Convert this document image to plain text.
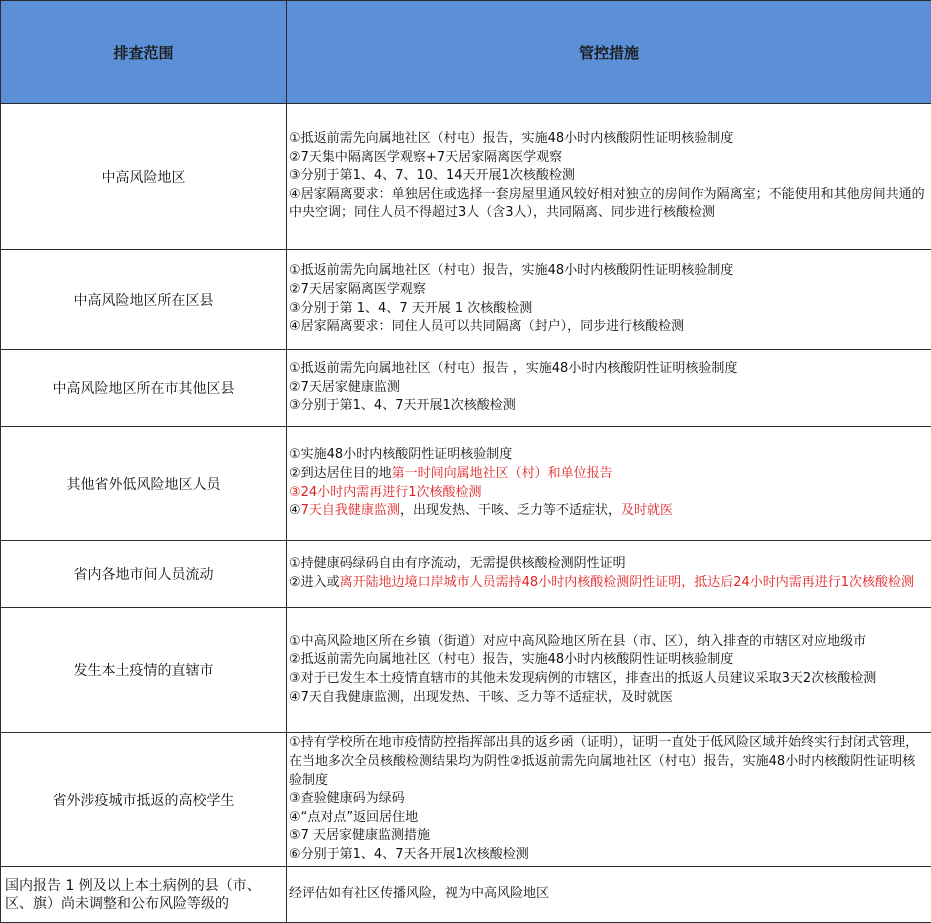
排查范围	管控措施
中高风险地区	①抵返前需先向属地社区（村屯）报告，实施48小时内核酸阴性证明核验制度
②7天集中隔离医学观察+7天居家隔离医学观察
③分别于第1、4、7、10、14天开展1次核酸检测
④居家隔离要求：单独居住或选择一套房屋里通风较好相对独立的房间作为隔离室；不能使用和其他房间共通的中央空调；同住人员不得超过3人（含3人），共同隔离、同步进行核酸检测

中高风险地区所在区县	①抵返前需先向属地社区（村屯）报告，实施48小时内核酸阴性证明核验制度
②7天居家隔离医学观察
③分别于第 1、4、7 天开展 1 次核酸检测
④居家隔离要求：同住人员可以共同隔离（封户），同步进行核酸检测

中高风险地区所在市其他区县	①抵返前需先向属地社区（村屯）报告 ，实施48小时内核酸阴性证明核验制度
②7天居家健康监测
③分别于第1、4、7天开展1次核酸检测

其他省外低风险地区人员	①实施48小时内核酸阴性证明核验制度
②到达居住目的地第一时间向属地社区（村）和单位报告
③24小时内需再进行1次核酸检测
④7天自我健康监测，出现发热、干咳、乏力等不适症状，及时就医

省内各地市间人员流动	①持健康码绿码自由有序流动，无需提供核酸检测阴性证明
②进入或离开陆地边境口岸城市人员需持48小时内核酸检测阴性证明，抵达后24小时内需再进行1次核酸检测

发生本土疫情的直辖市	①中高风险地区所在乡镇（街道）对应中高风险地区所在县（市、区），纳入排查的市辖区对应地级市
②抵返前需先向属地社区（村屯）报告，实施48小时内核酸阴性证明核验制度
③对于已发生本土疫情直辖市的其他未发现病例的市辖区，排查出的抵返人员建议采取3天2次核酸检测
④7天自我健康监测，出现发热、干咳、乏力等不适症状，及时就医

省外涉疫城市抵返的高校学生	①持有学校所在地市疫情防控指挥部出具的返乡函（证明），证明一直处于低风险区域并始终实行封闭式管理，在当地多次全员核酸检测结果均为阴性②抵返前需先向属地社区（村屯）报告，实施48小时内核酸阴性证明核验制度
③查验健康码为绿码
④“点对点”返回居住地
⑤7 天居家健康监测措施
⑥分别于第1、4、7天各开展1次核酸检测

国内报告 1 例及以上本土病例的县（市、区、旗）尚未调整和公布风险等级的	经评估如有社区传播风险，视为中高风险地区
